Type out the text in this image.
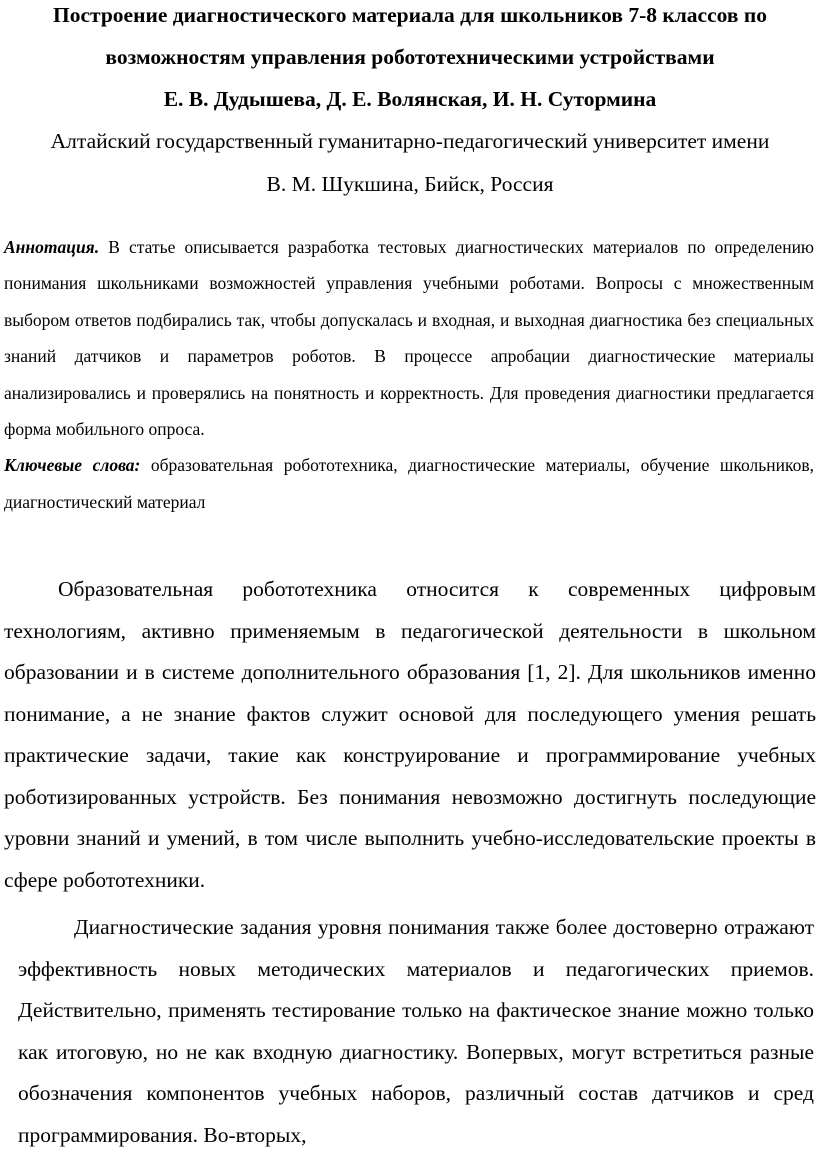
Построение диагностического материала для школьников 7-8 классов по
возможностям управления робототехническими устройствами

Е. В. Дудышева, Д. Е. Волянская, И. Н. Сутормина

Алтайский государственный гуманитарно-педагогический университет имени
В. М. Шукшина, Бийск, Россия

Аннотация. В статье описывается разработка тестовых диагностических материалов по определению понимания школьниками возможностей управления учебными роботами. Вопросы с множественным выбором ответов подбирались так, чтобы допускалась и входная, и выходная диагностика без специальных знаний датчиков и параметров роботов. В процессе апробации диагностические материалы анализировались и проверялись на понятность и корректность. Для проведения диагностики предлагается форма мобильного опроса.

Ключевые слова: образовательная робототехника, диагностические материалы, обучение школьников, диагностический материал

Образовательная робототехника относится к современных цифровым технологиям, активно применяемым в педагогической деятельности в школьном образовании и в системе дополнительного образования [1, 2]. Для школьников именно понимание, а не знание фактов служит основой для последующего умения решать практические задачи, такие как конструирование и программирование учебных роботизированных устройств. Без понимания невозможно достигнуть последующие уровни знаний и умений, в том числе выполнить учебно-исследовательские проекты в сфере робототехники.

Диагностические задания уровня понимания также более достоверно отражают эффективность новых методических материалов и педагогических приемов. Действительно, применять тестирование только на фактическое знание можно только как итоговую, но не как входную диагностику. Вопервых, могут встретиться разные обозначения компонентов учебных наборов, различный состав датчиков и сред программирования. Во-вторых,
